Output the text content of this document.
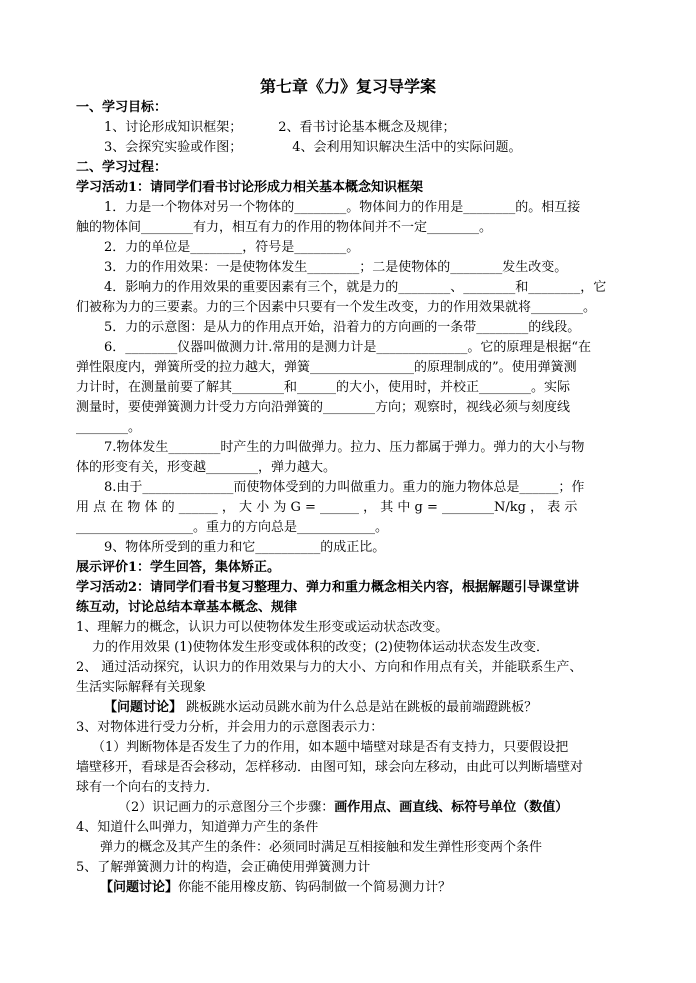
第七章《力》复习导学案
一、学习目标：
1、讨论形成知识框架；	2、看书讨论基本概念及规律；
3、会探究实验或作图；	4、会利用知识解决生活中的实际问题。
二、学习过程：
学习活动1：请同学们看书讨论形成力相关基本概念知识框架
1．力是一个物体对另一个物体的________。物体间力的作用是________的。相互接
触的物体间________有力，相互有力的作用的物体间并不一定________。
2．力的单位是________，符号是________。
3．力的作用效果：一是使物体发生________；二是使物体的________发生改变。
4．影响力的作用效果的重要因素有三个，就是力的________、________和________，它
们被称为力的三要素。力的三个因素中只要有一个发生改变，力的作用效果就将________。
5．力的示意图：是从力的作用点开始，沿着力的方向画的一条带________的线段。
6．________仪器叫做测力计.常用的是测力计是______________。它的原理是根据“在
弹性限度内，弹簧所受的拉力越大，弹簧________________的原理制成的”。使用弹簧测
力计时，在测量前要了解其________和______的大小，使用时，并校正________。实际
测量时，要使弹簧测力计受力方向沿弹簧的________方向；观察时，视线必须与刻度线
________。
7.物体发生________时产生的力叫做弹力。拉力、压力都属于弹力。弹力的大小与物
体的形变有关，形变越________，弹力越大。
8.由于______________而使物体受到的力叫做重力。重力的施力物体总是______；作
用 点 在 物 体 的 ______ ， 大 小 为 G = ______ ， 其 中 g = ________N/kg ， 表 示
__________________。重力的方向总是____________。
9、物体所受到的重力和它__________的成正比。
展示评价1：学生回答，集体矫正。
学习活动2：请同学们看书复习整理力、弹力和重力概念相关内容，根据解题引导课堂讲
练互动，讨论总结本章基本概念、规律
1、理解力的概念，认识力可以使物体发生形变或运动状态改变。
力的作用效果 (1)使物体发生形变或体积的改变；(2)使物体运动状态发生改变．
2、 通过活动探究，认识力的作用效果与力的大小、方向和作用点有关，并能联系生产、
生活实际解释有关现象
【问题讨论】 跳板跳水运动员跳水前为什么总是站在跳板的最前端蹬跳板？
3、对物体进行受力分析，并会用力的示意图表示力：
（1）判断物体是否发生了力的作用，如本题中墙壁对球是否有支持力，只要假设把
墙壁移开，看球是否会移动，怎样移动．由图可知，球会向左移动，由此可以判断墙壁对
球有一个向右的支持力．
（2）识记画力的示意图分三个步骤：画作用点、画直线、标符号单位（数值）
4、知道什么叫弹力，知道弹力产生的条件
弹力的概念及其产生的条件：必须同时满足互相接触和发生弹性形变两个条件
5、了解弹簧测力计的构造，会正确使用弹簧测力计
【问题讨论】你能不能用橡皮筋、钩码制做一个简易测力计？
